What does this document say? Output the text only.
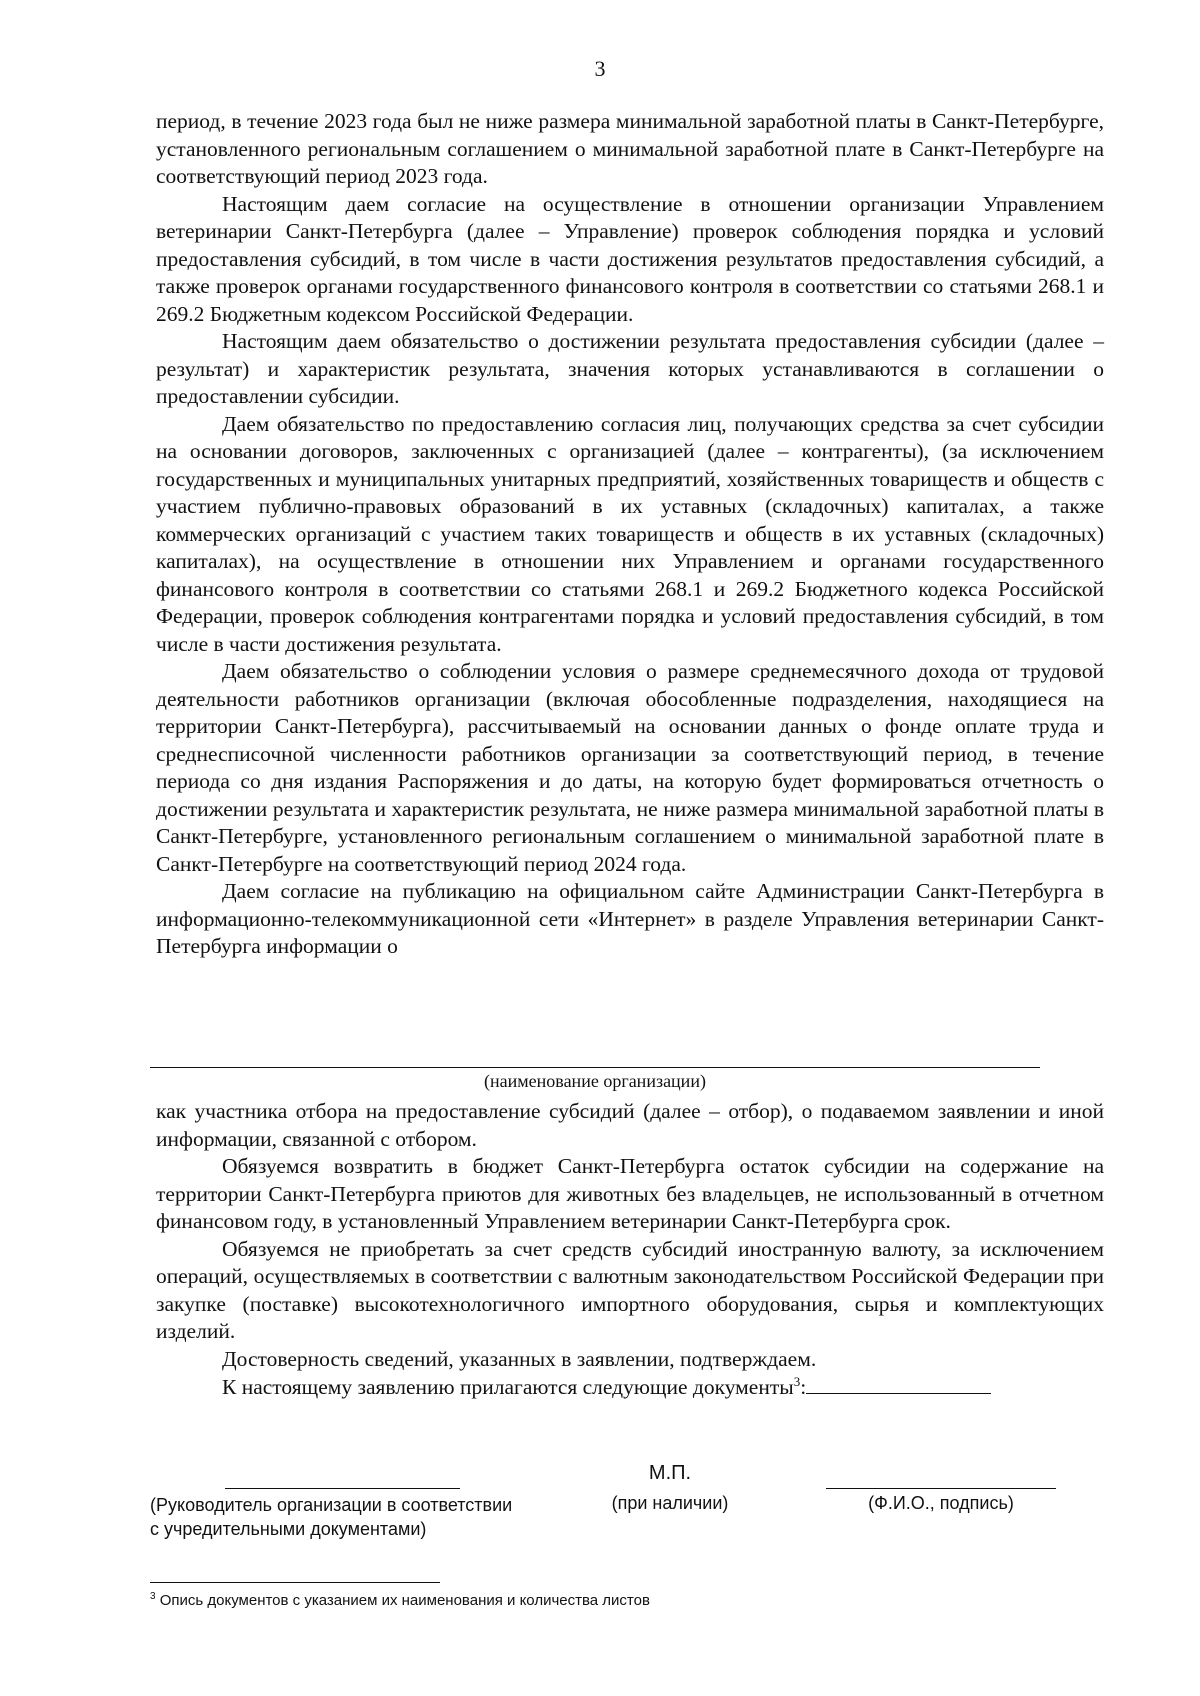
3

период, в течение 2023 года был не ниже размера минимальной заработной платы в Санкт-Петербурге, установленного региональным соглашением о минимальной заработной плате в Санкт-Петербурге на соответствующий период 2023 года.

Настоящим даем согласие на осуществление в отношении организации Управлением ветеринарии Санкт-Петербурга (далее – Управление) проверок соблюдения порядка и условий предоставления субсидий, в том числе в части достижения результатов предоставления субсидий, а также проверок органами государственного финансового контроля в соответствии со статьями 268.1 и 269.2 Бюджетным кодексом Российской Федерации.

Настоящим даем обязательство о достижении результата предоставления субсидии (далее – результат) и характеристик результата, значения которых устанавливаются в соглашении о предоставлении субсидии.

Даем обязательство по предоставлению согласия лиц, получающих средства за счет субсидии на основании договоров, заключенных с организацией (далее – контрагенты), (за исключением государственных и муниципальных унитарных предприятий, хозяйственных товариществ и обществ с участием публично-правовых образований в их уставных (складочных) капиталах, а также коммерческих организаций с участием таких товариществ и обществ в их уставных (складочных) капиталах), на осуществление в отношении них Управлением и органами государственного финансового контроля в соответствии со статьями 268.1 и 269.2 Бюджетного кодекса Российской Федерации, проверок соблюдения контрагентами порядка и условий предоставления субсидий, в том числе в части достижения результата.

Даем обязательство о соблюдении условия о размере среднемесячного дохода от трудовой деятельности работников организации (включая обособленные подразделения, находящиеся на территории Санкт-Петербурга), рассчитываемый на основании данных о фонде оплате труда и среднесписочной численности работников организации за соответствующий период, в течение периода со дня издания Распоряжения и до даты, на которую будет формироваться отчетность о достижении результата и характеристик результата, не ниже размера минимальной заработной платы в Санкт-Петербурге, установленного региональным соглашением о минимальной заработной плате в Санкт-Петербурге на соответствующий период 2024 года.

Даем согласие на публикацию на официальном сайте Администрации Санкт-Петербурга в информационно-телекоммуникационной сети «Интернет» в разделе Управления ветеринарии Санкт-Петербурга информации о

(наименование организации)

как участника отбора на предоставление субсидий (далее – отбор), о подаваемом заявлении и иной информации, связанной с отбором.

Обязуемся возвратить в бюджет Санкт-Петербурга остаток субсидии на содержание на территории Санкт-Петербурга приютов для животных без владельцев, не использованный в отчетном финансовом году, в установленный Управлением ветеринарии Санкт-Петербурга срок.

Обязуемся не приобретать за счет средств субсидий иностранную валюту, за исключением операций, осуществляемых в соответствии с валютным законодательством Российской Федерации при закупке (поставке) высокотехнологичного импортного оборудования, сырья и комплектующих изделий.

Достоверность сведений, указанных в заявлении, подтверждаем.

К настоящему заявлению прилагаются следующие документы$^3$:

М.П.
(Руководитель организации в соответствии
с учредительными документами)
(при наличии)	(Ф.И.О., подпись)
$^3$ Опись документов с указанием их наименования и количества листов
